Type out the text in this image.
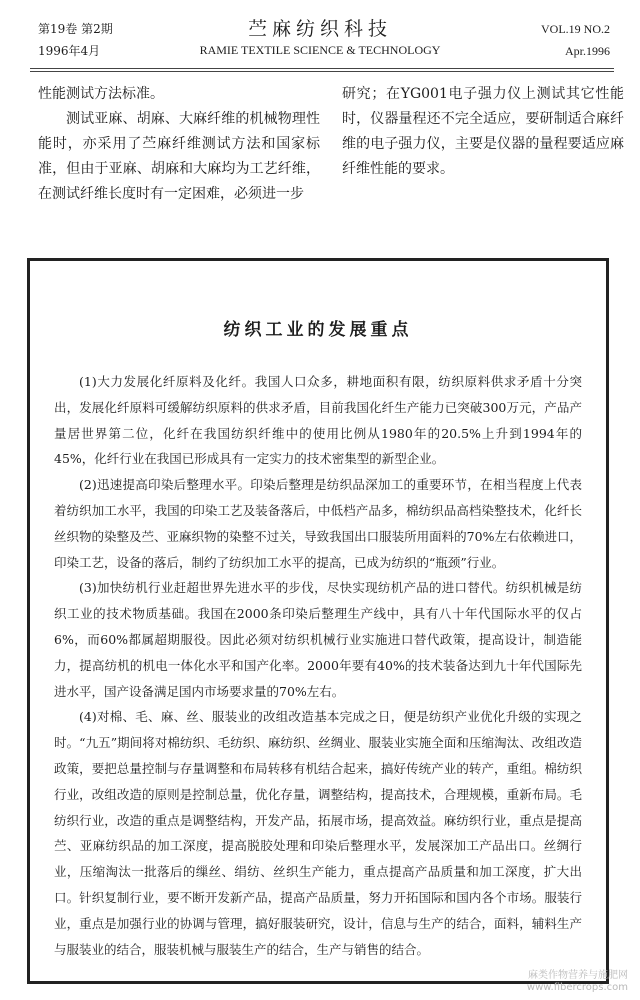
第19卷 第2期
1996年4月
苎麻纺织科技
RAMIE TEXTILE SCIENCE & TECHNOLOGY
VOL.19 NO.2
Apr.1996

性能测试方法标准。

测试亚麻、胡麻、大麻纤维的机械物理性能时，亦采用了苎麻纤维测试方法和国家标准，但由于亚麻、胡麻和大麻均为工艺纤维，在测试纤维长度时有一定困难，必须进一步

研究；在YG001电子强力仪上测试其它性能时，仪器量程还不完全适应，要研制适合麻纤维的电子强力仪，主要是仪器的量程要适应麻纤维性能的要求。

纺织工业的发展重点

(1)大力发展化纤原料及化纤。我国人口众多，耕地面积有限，纺织原料供求矛盾十分突出，发展化纤原料可缓解纺织原料的供求矛盾，目前我国化纤生产能力已突破300万元，产品产量居世界第二位，化纤在我国纺织纤维中的使用比例从1980年的20.5%上升到1994年的45%，化纤行业在我国已形成具有一定实力的技术密集型的新型企业。

(2)迅速提高印染后整理水平。印染后整理是纺织品深加工的重要环节，在相当程度上代表着纺织加工水平，我国的印染工艺及装备落后，中低档产品多，棉纺织品高档染整技术，化纤长丝织物的染整及苎、亚麻织物的染整不过关，导致我国出口服装所用面料的70%左右依赖进口，印染工艺，设备的落后，制约了纺织加工水平的提高，已成为纺织的“瓶颈”行业。

(3)加快纺机行业赶超世界先进水平的步伐，尽快实现纺机产品的进口替代。纺织机械是纺织工业的技术物质基础。我国在2000条印染后整理生产线中，具有八十年代国际水平的仅占6%，而60%都属超期服役。因此必须对纺织机械行业实施进口替代政策，提高设计，制造能力，提高纺机的机电一体化水平和国产化率。2000年要有40%的技术装备达到九十年代国际先进水平，国产设备满足国内市场要求量的70%左右。

(4)对棉、毛、麻、丝、服装业的改组改造基本完成之日，便是纺织产业优化升级的实现之时。“九五”期间将对棉纺织、毛纺织、麻纺织、丝绸业、服装业实施全面和压缩淘汰、改组改造政策，要把总量控制与存量调整和布局转移有机结合起来，搞好传统产业的转产，重组。棉纺织行业，改组改造的原则是控制总量，优化存量，调整结构，提高技术，合理规模，重新布局。毛纺织行业，改造的重点是调整结构，开发产品，拓展市场，提高效益。麻纺织行业，重点是提高苎、亚麻纺织品的加工深度，提高脱胶处理和印染后整理水平，发展深加工产品出口。丝绸行业，压缩淘汰一批落后的缫丝、绢纺、丝织生产能力，重点提高产品质量和加工深度，扩大出口。针织复制行业，要不断开发新产品，提高产品质量，努力开拓国际和国内各个市场。服装行业，重点是加强行业的协调与管理，搞好服装研究，设计，信息与生产的结合，面料，辅料生产与服装业的结合，服装机械与服装生产的结合，生产与销售的结合。

麻类作物营养与施肥网
www.fibercrops.com
